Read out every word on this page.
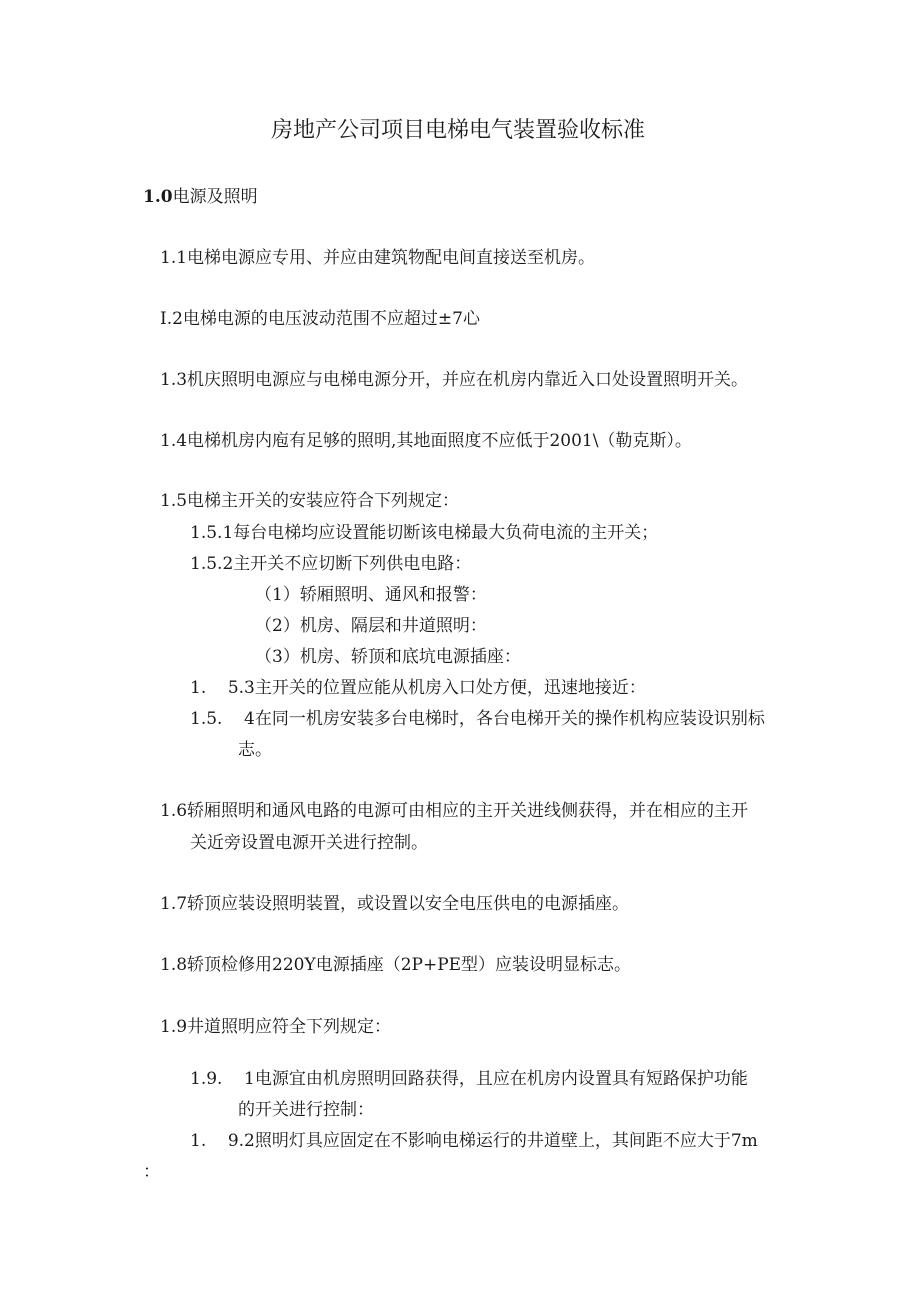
房地产公司项目电梯电气装置验收标准
1.0电源及照明
1.1电梯电源应专用、并应由建筑物配电间直接送至机房。
I.2电梯电源的电压波动范围不应超过±7心
1.3机庆照明电源应与电梯电源分开，并应在机房内靠近入口处设置照明开关。
1.4电梯机房内庖有足够的照明,其地面照度不应低于2001\（勒克斯）。
1.5电梯主开关的安装应符合下列规定：
1.5.1每台电梯均应设置能切断该电梯最大负荷电流的主开关；
1.5.2主开关不应切断下列供电电路：
（1）轿厢照明、通风和报警：
（2）机房、隔层和井道照明：
（3）机房、轿顶和底坑电源插座：
1.    5.3主开关的位置应能从机房入口处方便，迅速地接近：
1.5.    4在同一机房安装多台电梯时，各台电梯开关的操作机构应装设识别标
志。
1.6轿厢照明和通风电路的电源可由相应的主开关进线侧获得，并在相应的主开
关近旁设置电源开关进行控制。
1.7轿顶应装设照明装置，或设置以安全电压供电的电源插座。
1.8轿顶检修用220Y电源插座（2P+PE型）应装设明显标志。
1.9井道照明应符全下列规定：
1.9.    1电源宜由机房照明回路获得，且应在机房内设置具有短路保护功能
的开关进行控制：
1.    9.2照明灯具应固定在不影响电梯运行的井道壁上，其间距不应大于7m
：
